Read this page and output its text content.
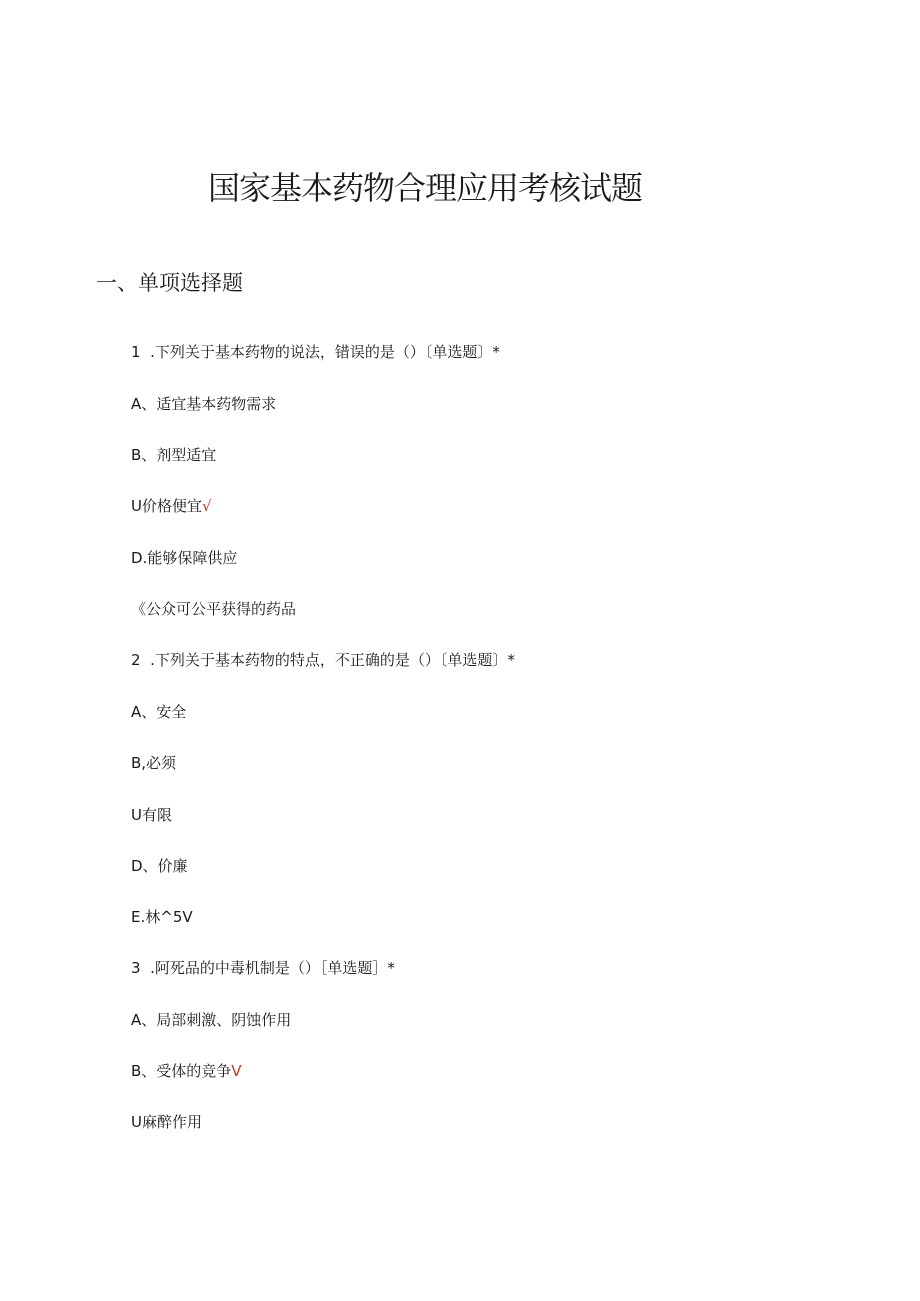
国家基本药物合理应用考核试题
一、单项选择题

1  .下列关于基本药物的说法，错误的是（）〔单选题〕*

A、适宜基本药物需求

B、剂型适宜

U价格便宜√

D.能够保障供应

《公众可公平获得的药品

2  .下列关于基本药物的特点，不正确的是（）〔单选题〕*

A、安全

B,必须

U有限

D、价廉

E.林^5V

3  .阿死品的中毒机制是（）［单选题］*

A、局部刺激、阴蚀作用

B、受体的竞争V

U麻醉作用
